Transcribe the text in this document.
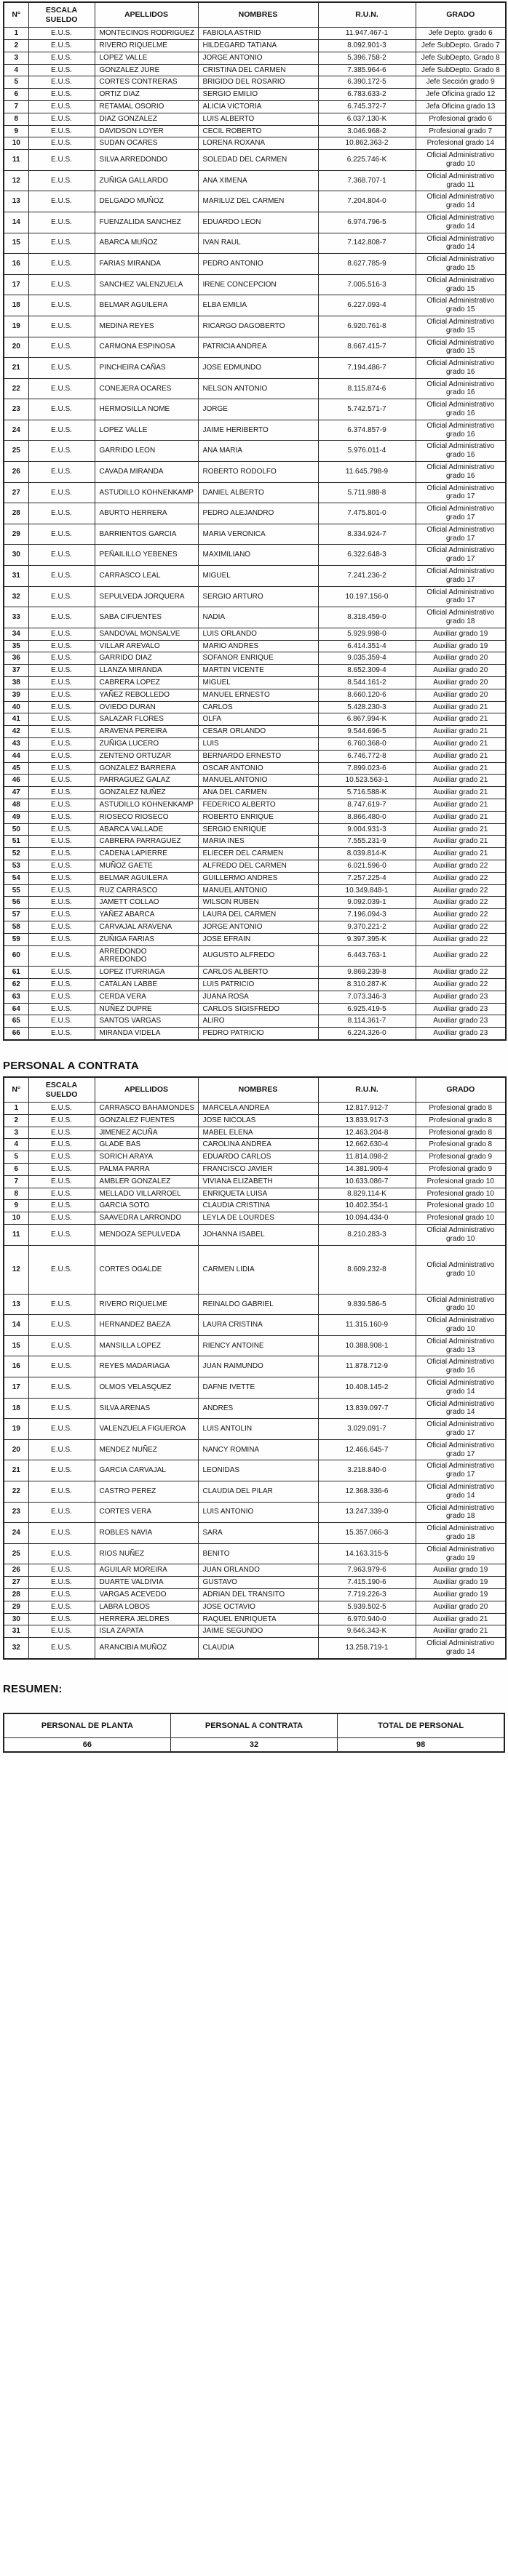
N°	ESCALA SUELDO	APELLIDOS	NOMBRES	R.U.N.	GRADO
1	E.U.S.	MONTECINOS RODRIGUEZ	FABIOLA ASTRID	11.947.467-1	Jefe Depto. grado 6
2	E.U.S.	RIVERO RIQUELME	HILDEGARD TATIANA	8.092.901-3	Jefe SubDepto. Grado 7
3	E.U.S.	LOPEZ VALLE	JORGE ANTONIO	5.396.758-2	Jefe SubDepto. Grado 8
4	E.U.S.	GONZALEZ JURE	CRISTINA DEL CARMEN	7.385.964-6	Jefe SubDepto. Grado 8
5	E.U.S.	CORTES CONTRERAS	BRIGIDO DEL ROSARIO	6.390.172-5	Jefe Sección grado 9
6	E.U.S.	ORTIZ DIAZ	SERGIO EMILIO	6.783.633-2	Jefe Oficina grado 12
7	E.U.S.	RETAMAL OSORIO	ALICIA VICTORIA	6.745.372-7	Jefa Oficina grado 13
8	E.U.S.	DIAZ GONZALEZ	LUIS ALBERTO	6.037.130-K	Profesional grado 6
9	E.U.S.	DAVIDSON LOYER	CECIL ROBERTO	3.046.968-2	Profesional grado 7
10	E.U.S.	SUDAN OCARES	LORENA ROXANA	10.862.363-2	Profesional grado 14
11	E.U.S.	SILVA ARREDONDO	SOLEDAD DEL CARMEN	6.225.746-K	Oficial Administrativo grado 10
12	E.U.S.	ZUÑIGA GALLARDO	ANA XIMENA	7.368.707-1	Oficial Administrativo grado 11
13	E.U.S.	DELGADO MUÑOZ	MARILUZ DEL CARMEN	7.204.804-0	Oficial Administrativo grado 14
14	E.U.S.	FUENZALIDA SANCHEZ	EDUARDO LEON	6.974.796-5	Oficial Administrativo grado 14
15	E.U.S.	ABARCA MUÑOZ	IVAN RAUL	7.142.808-7	Oficial Administrativo grado 14
16	E.U.S.	FARIAS MIRANDA	PEDRO ANTONIO	8.627.785-9	Oficial Administrativo grado 15
17	E.U.S.	SANCHEZ VALENZUELA	IRENE CONCEPCION	7.005.516-3	Oficial Administrativo grado 15
18	E.U.S.	BELMAR AGUILERA	ELBA EMILIA	6.227.093-4	Oficial Administrativo grado 15
19	E.U.S.	MEDINA REYES	RICARGO DAGOBERTO	6.920.761-8	Oficial Administrativo grado 15
20	E.U.S.	CARMONA ESPINOSA	PATRICIA ANDREA	8.667.415-7	Oficial Administrativo grado 15
21	E.U.S.	PINCHEIRA CAÑAS	JOSE EDMUNDO	7.194.486-7	Oficial Administrativo grado 16
22	E.U.S.	CONEJERA OCARES	NELSON ANTONIO	8.115.874-6	Oficial Administrativo grado 16
23	E.U.S.	HERMOSILLA NOME	JORGE	5.742.571-7	Oficial Administrativo grado 16
24	E.U.S.	LOPEZ VALLE	JAIME HERIBERTO	6.374.857-9	Oficial Administrativo grado 16
25	E.U.S.	GARRIDO LEON	ANA MARIA	5.976.011-4	Oficial Administrativo grado 16
26	E.U.S.	CAVADA MIRANDA	ROBERTO RODOLFO	11.645.798-9	Oficial Administrativo grado 16
27	E.U.S.	ASTUDILLO KOHNENKAMP	DANIEL ALBERTO	5.711.988-8	Oficial Administrativo grado 17
28	E.U.S.	ABURTO HERRERA	PEDRO ALEJANDRO	7.475.801-0	Oficial Administrativo grado 17
29	E.U.S.	BARRIENTOS GARCIA	MARIA VERONICA	8.334.924-7	Oficial Administrativo grado 17
30	E.U.S.	PEÑAILILLO YEBENES	MAXIMILIANO	6.322.648-3	Oficial Administrativo grado 17
31	E.U.S.	CARRASCO LEAL	MIGUEL	7.241.236-2	Oficial Administrativo grado 17
32	E.U.S.	SEPULVEDA JORQUERA	SERGIO ARTURO	10.197.156-0	Oficial Administrativo grado 17
33	E.U.S.	SABA CIFUENTES	NADIA	8.318.459-0	Oficial Administrativo grado 18
34	E.U.S.	SANDOVAL MONSALVE	LUIS ORLANDO	5.929.998-0	Auxiliar grado 19
35	E.U.S.	VILLAR AREVALO	MARIO ANDRES	6.414.351-4	Auxiliar grado 19
36	E.U.S.	GARRIDO DIAZ	SOFANOR ENRIQUE	9.035.359-4	Auxiliar grado 20
37	E.U.S.	LLANZA MIRANDA	MARTIN VICENTE	8.652.309-4	Auxiliar grado 20
38	E.U.S.	CABRERA LOPEZ	MIGUEL	8.544.161-2	Auxiliar grado 20
39	E.U.S.	YAÑEZ REBOLLEDO	MANUEL ERNESTO	8.660.120-6	Auxiliar grado 20
40	E.U.S.	OVIEDO DURAN	CARLOS	5.428.230-3	Auxiliar grado 21
41	E.U.S.	SALAZAR FLORES	OLFA	6.867.994-K	Auxiliar grado 21
42	E.U.S.	ARAVENA PEREIRA	CESAR ORLANDO	9.544.696-5	Auxiliar grado 21
43	E.U.S.	ZUÑIGA LUCERO	LUIS	6.760.368-0	Auxiliar grado 21
44	E.U.S.	ZENTENO ORTUZAR	BERNARDO ERNESTO	6.746.772-8	Auxiliar grado 21
45	E.U.S.	GONZALEZ BARRERA	OSCAR ANTONIO	7.899.023-6	Auxiliar grado 21
46	E.U.S.	PARRAGUEZ GALAZ	MANUEL ANTONIO	10.523.563-1	Auxiliar grado 21
47	E.U.S.	GONZALEZ NUÑEZ	ANA DEL CARMEN	5.716.588-K	Auxiliar grado 21
48	E.U.S.	ASTUDILLO KOHNENKAMP	FEDERICO ALBERTO	8.747.619-7	Auxiliar grado 21
49	E.U.S.	RIOSECO RIOSECO	ROBERTO ENRIQUE	8.866.480-0	Auxiliar grado 21
50	E.U.S.	ABARCA VALLADE	SERGIO ENRIQUE	9.004.931-3	Auxiliar grado 21
51	E.U.S.	CABRERA PARRAGUEZ	MARIA INES	7.555.231-9	Auxiliar grado 21
52	E.U.S.	CADENA LAPIERRE	ELIECER DEL CARMEN	8.039.814-K	Auxiliar grado 21
53	E.U.S.	MUÑOZ GAETE	ALFREDO DEL CARMEN	6.021.596-0	Auxiliar grado 22
54	E.U.S.	BELMAR AGUILERA	GUILLERMO ANDRES	7.257.225-4	Auxiliar grado 22
55	E.U.S.	RUZ CARRASCO	MANUEL ANTONIO	10.349.848-1	Auxiliar grado 22
56	E.U.S.	JAMETT COLLAO	WILSON RUBEN	9.092.039-1	Auxiliar grado 22
57	E.U.S.	YAÑEZ ABARCA	LAURA DEL CARMEN	7.196.094-3	Auxiliar grado 22
58	E.U.S.	CARVAJAL ARAVENA	JORGE ANTONIO	9.370.221-2	Auxiliar grado 22
59	E.U.S.	ZUÑIGA FARIAS	JOSE EFRAIN	9.397.395-K	Auxiliar grado 22
60	E.U.S.	ARREDONDO ARREDONDO	AUGUSTO ALFREDO	6.443.763-1	Auxiliar grado 22
61	E.U.S.	LOPEZ ITURRIAGA	CARLOS ALBERTO	9.869.239-8	Auxiliar grado 22
62	E.U.S.	CATALAN LABBE	LUIS PATRICIO	8.310.287-K	Auxiliar grado 22
63	E.U.S.	CERDA VERA	JUANA ROSA	7.073.346-3	Auxiliar grado 23
64	E.U.S.	NUÑEZ DUPRE	CARLOS SIGISFREDO	6.925.419-5	Auxiliar grado 23
65	E.U.S.	SANTOS VARGAS	ALIRO	8.114.361-7	Auxiliar grado 23
66	E.U.S.	MIRANDA VIDELA	PEDRO PATRICIO	6.224.326-0	Auxiliar grado 23
PERSONAL A CONTRATA
N°	ESCALA SUELDO	APELLIDOS	NOMBRES	R.U.N.	GRADO
1	E.U.S.	CARRASCO BAHAMONDES	MARCELA ANDREA	12.817.912-7	Profesional grado 8
2	E.U.S.	GONZALEZ FUENTES	JOSE NICOLAS	13.833.917-3	Profesional grado 8
3	E.U.S.	JIMENEZ ACUÑA	MABEL ELENA	12.463.204-8	Profesional grado 8
4	E.U.S.	GLADE BAS	CAROLINA ANDREA	12.662.630-4	Profesional grado 8
5	E.U.S.	SORICH ARAYA	EDUARDO CARLOS	11.814.098-2	Profesional grado 9
6	E.U.S.	PALMA PARRA	FRANCISCO JAVIER	14.381.909-4	Profesional grado 9
7	E.U.S.	AMBLER GONZALEZ	VIVIANA ELIZABETH	10.633.086-7	Profesional grado 10
8	E.U.S.	MELLADO VILLARROEL	ENRIQUETA LUISA	8.829.114-K	Profesional grado 10
9	E.U.S.	GARCIA SOTO	CLAUDIA CRISTINA	10.402.354-1	Profesional grado 10
10	E.U.S.	SAAVEDRA LARRONDO	LEYLA DE LOURDES	10.094.434-0	Profesional grado 10
11	E.U.S.	MENDOZA SEPULVEDA	JOHANNA ISABEL	8.210.283-3	Oficial Administrativo grado 10
12	E.U.S.	CORTES OGALDE	CARMEN LIDIA	8.609.232-8	Oficial Administrativo grado 10
13	E.U.S.	RIVERO RIQUELME	REINALDO GABRIEL	9.839.586-5	Oficial Administrativo grado 10
14	E.U.S.	HERNANDEZ BAEZA	LAURA CRISTINA	11.315.160-9	Oficial Administrativo grado 10
15	E.U.S.	MANSILLA LOPEZ	RIENCY ANTOINE	10.388.908-1	Oficial Administrativo grado 13
16	E.U.S.	REYES MADARIAGA	JUAN RAIMUNDO	11.878.712-9	Oficial Administrativo grado 16
17	E.U.S.	OLMOS VELASQUEZ	DAFNE IVETTE	10.408.145-2	Oficial Administrativo grado 14
18	E.U.S.	SILVA ARENAS	ANDRES	13.839.097-7	Oficial Administrativo grado 14
19	E.U.S.	VALENZUELA FIGUEROA	LUIS ANTOLIN	3.029.091-7	Oficial Administrativo grado 17
20	E.U.S.	MENDEZ NUÑEZ	NANCY ROMINA	12.466.645-7	Oficial Administrativo grado 17
21	E.U.S.	GARCIA CARVAJAL	LEONIDAS	3.218.840-0	Oficial Administrativo grado 17
22	E.U.S.	CASTRO PEREZ	CLAUDIA DEL PILAR	12.368.336-6	Oficial Administrativo grado 14
23	E.U.S.	CORTES VERA	LUIS ANTONIO	13.247.339-0	Oficial Administrativo grado 18
24	E.U.S.	ROBLES NAVIA	SARA	15.357.066-3	Oficial Administrativo grado 18
25	E.U.S.	RIOS NUÑEZ	BENITO	14.163.315-5	Oficial Administrativo grado 19
26	E.U.S.	AGUILAR MOREIRA	JUAN ORLANDO	7.963.979-6	Auxiliar grado 19
27	E.U.S.	DUARTE VALDIVIA	GUSTAVO	7.415.190-6	Auxiliar grado 19
28	E.U.S.	VARGAS ACEVEDO	ADRIAN DEL TRANSITO	7.719.226-3	Auxiliar grado 19
29	E.U.S.	LABRA LOBOS	JOSE OCTAVIO	5.939.502-5	Auxiliar grado 20
30	E.U.S.	HERRERA JELDRES	RAQUEL ENRIQUETA	6.970.940-0	Auxiliar grado 21
31	E.U.S.	ISLA ZAPATA	JAIME SEGUNDO	9.646.343-K	Auxiliar grado 21
32	E.U.S.	ARANCIBIA MUÑOZ	CLAUDIA	13.258.719-1	Oficial Administrativo grado 14
RESUMEN:
PERSONAL DE PLANTA	PERSONAL A CONTRATA	TOTAL DE PERSONAL
66	32	98
